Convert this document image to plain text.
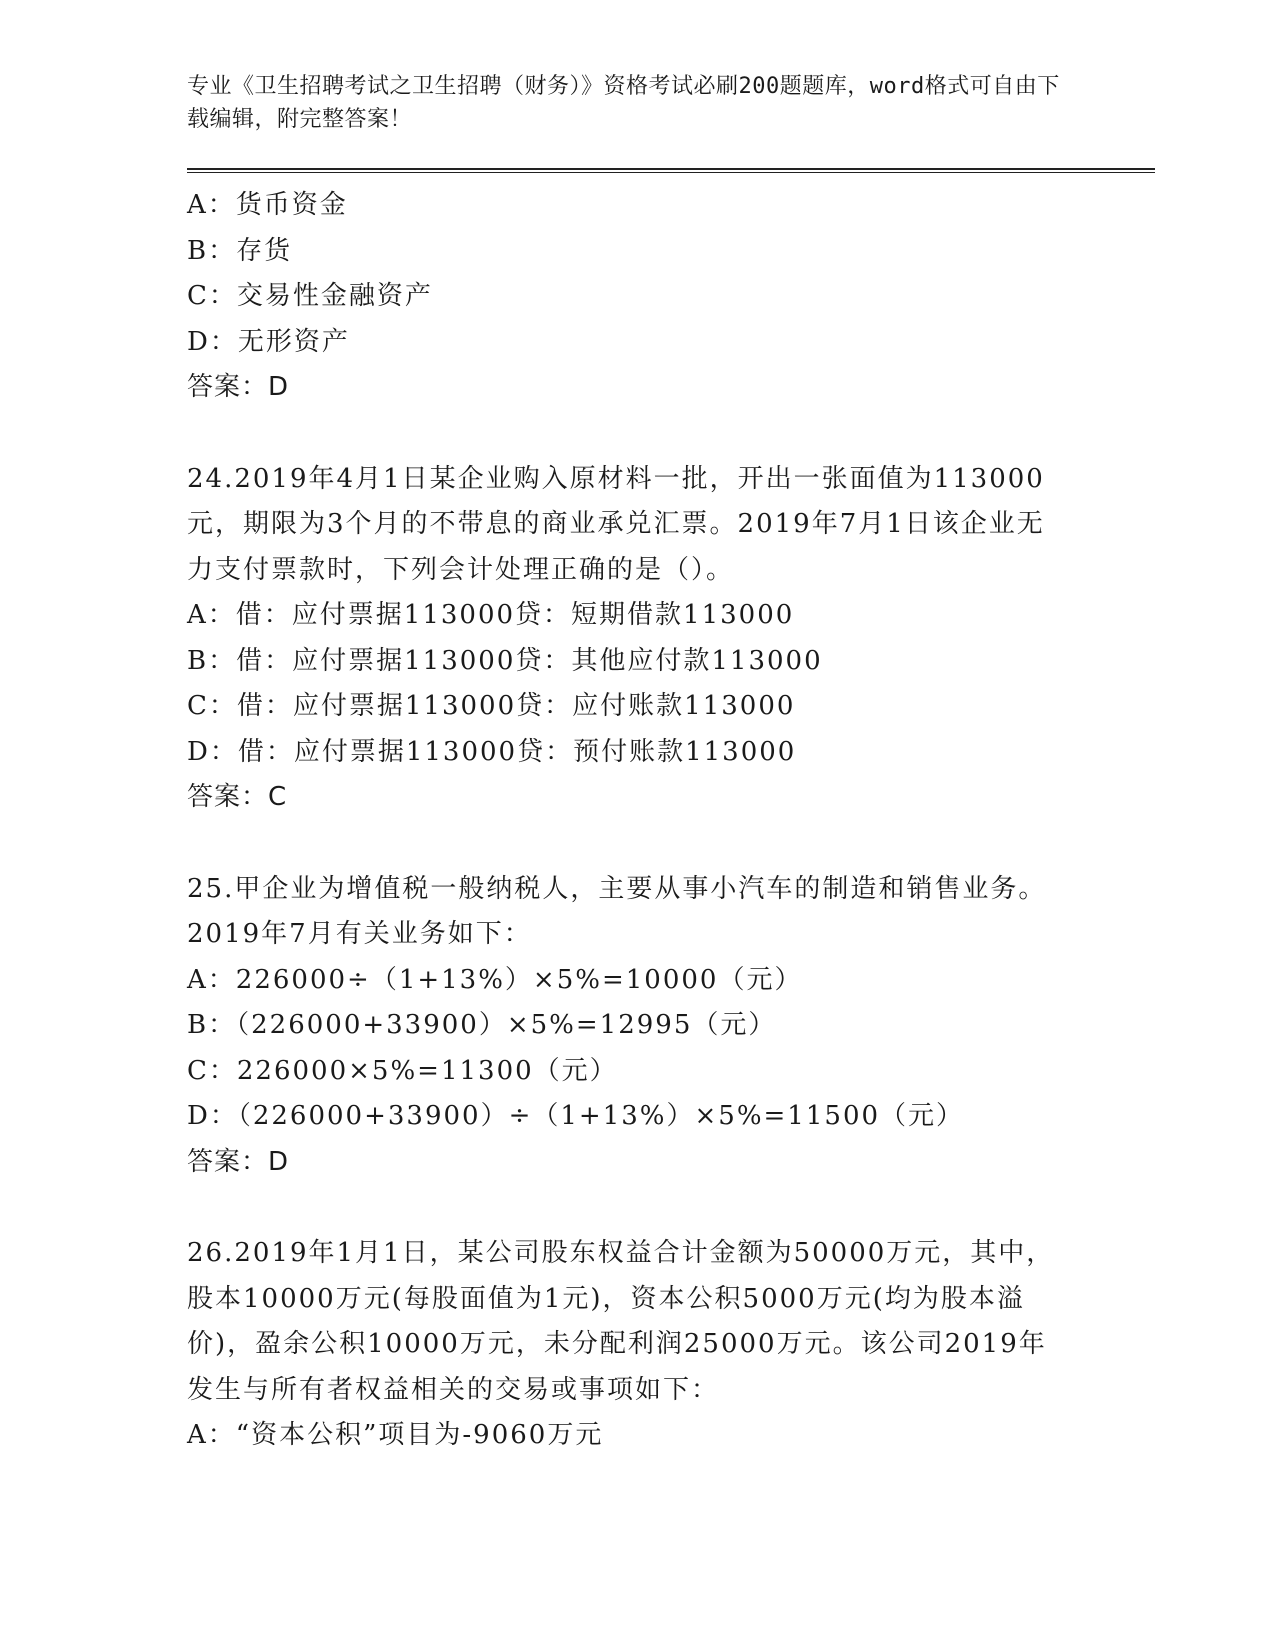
专业《卫生招聘考试之卫生招聘（财务）》资格考试必刷200题题库，word格式可自由下载编辑，附完整答案！

A：货币资金

B：存货

C：交易性金融资产

D：无形资产

答案：D

24.2019年4月1日某企业购入原材料一批，开出一张面值为113000元，期限为3个月的不带息的商业承兑汇票。2019年7月1日该企业无力支付票款时，下列会计处理正确的是（）。

A：借：应付票据113000贷：短期借款113000

B：借：应付票据113000贷：其他应付款113000

C：借：应付票据113000贷：应付账款113000

D：借：应付票据113000贷：预付账款113000

答案：C

25.甲企业为增值税一般纳税人，主要从事小汽车的制造和销售业务。2019年7月有关业务如下：

A：226000÷（1+13%）×5%=10000（元）

B：（226000+33900）×5%=12995（元）

C：226000×5%=11300（元）

D：（226000+33900）÷（1+13%）×5%=11500（元）

答案：D

26.2019年1月1日，某公司股东权益合计金额为50000万元，其中，股本10000万元(每股面值为1元)，资本公积5000万元(均为股本溢价)，盈余公积10000万元，未分配利润25000万元。该公司2019年发生与所有者权益相关的交易或事项如下：

A：“资本公积”项目为-9060万元
